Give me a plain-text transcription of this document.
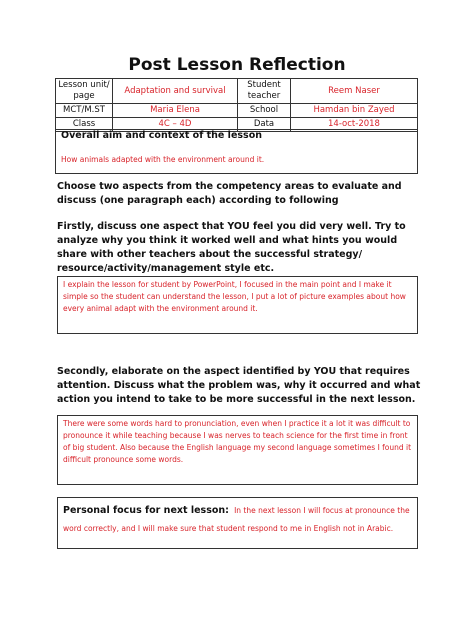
Post Lesson Reflection
Lesson unit/ page	Adaptation and survival	Student teacher	Reem Naser
MCT/M.ST	Maria Elena	School	Hamdan bin Zayed
Class	4C – 4D	Data	14-oct-2018
Overall aim and context of the lesson
How animals adapted with the environment around it.
Choose two aspects from the competency areas to evaluate and discuss (one paragraph each) according to following
Firstly, discuss one aspect that YOU feel you did very well. Try to analyze why you think it worked well and what hints you would share with other teachers about the successful strategy/ resource/activity/management style etc.
I explain the lesson for student by PowerPoint, I focused in the main point and I make it simple so the student can understand the lesson, I put a lot of picture examples about how every animal adapt with the environment around it.
Secondly, elaborate on the aspect identified by YOU that requires attention. Discuss what the problem was, why it occurred and what action you intend to take to be more successful in the next lesson.
There were some words hard to pronunciation, even when I practice it a lot it was difficult to pronounce it while teaching because I was nerves to teach science for the first time in front of big student. Also because the English language my second language sometimes I found it difficult pronounce some words.

Personal focus for next lesson: In the next lesson I will focus at pronounce the word correctly, and I will make sure that student respond to me in English not in Arabic.
